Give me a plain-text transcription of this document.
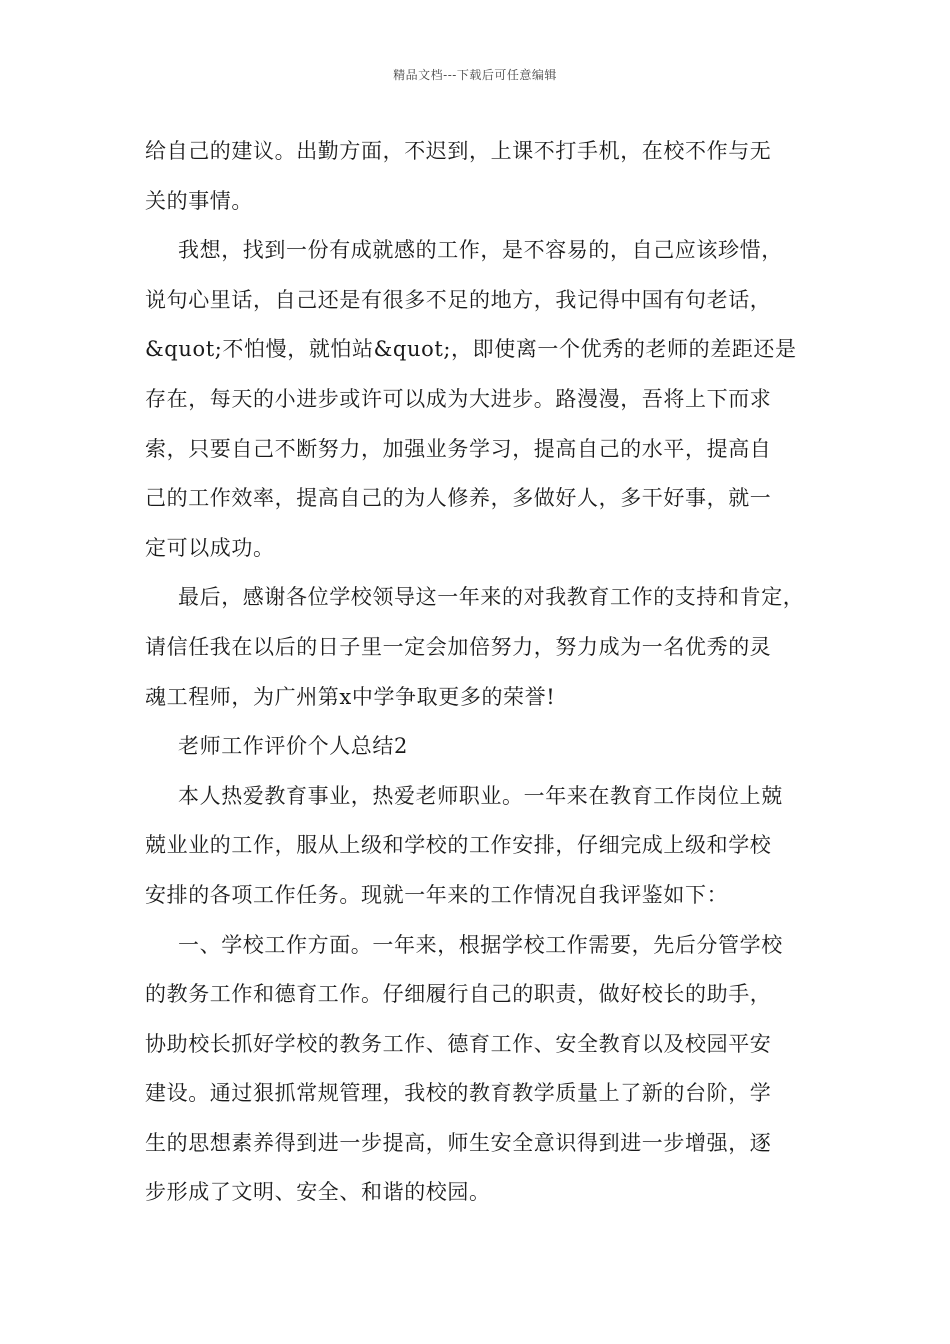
精品文档---下载后可任意编辑
给自己的建议。出勤方面，不迟到，上课不打手机，在校不作与无
关的事情。
我想，找到一份有成就感的工作，是不容易的，自己应该珍惜，
说句心里话，自己还是有很多不足的地方，我记得中国有句老话，
&quot;不怕慢，就怕站&quot;，即使离一个优秀的老师的差距还是
存在，每天的小进步或许可以成为大进步。路漫漫，吾将上下而求
索，只要自己不断努力，加强业务学习，提高自己的水平，提高自
己的工作效率，提高自己的为人修养，多做好人，多干好事，就一
定可以成功。
最后，感谢各位学校领导这一年来的对我教育工作的支持和肯定，
请信任我在以后的日子里一定会加倍努力，努力成为一名优秀的灵
魂工程师，为广州第x中学争取更多的荣誉!
老师工作评价个人总结2
本人热爱教育事业，热爱老师职业。一年来在教育工作岗位上兢
兢业业的工作，服从上级和学校的工作安排，仔细完成上级和学校
安排的各项工作任务。现就一年来的工作情况自我评鉴如下：
一、学校工作方面。一年来，根据学校工作需要，先后分管学校
的教务工作和德育工作。仔细履行自己的职责，做好校长的助手，
协助校长抓好学校的教务工作、德育工作、安全教育以及校园平安
建设。通过狠抓常规管理，我校的教育教学质量上了新的台阶，学
生的思想素养得到进一步提高，师生安全意识得到进一步增强，逐
步形成了文明、安全、和谐的校园。
